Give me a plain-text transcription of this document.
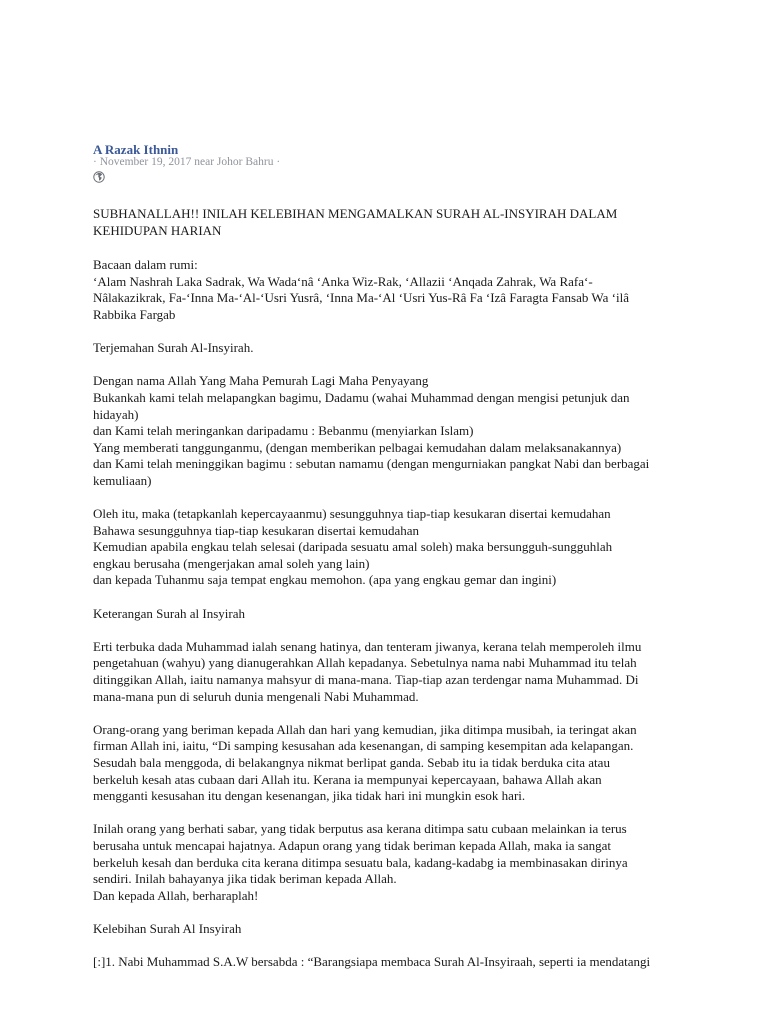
A Razak Ithnin
· November 19, 2017 near Johor Bahru ·

SUBHANALLAH!! INILAH KELEBIHAN MENGAMALKAN SURAH AL-INSYIRAH DALAM
KEHIDUPAN HARIAN

Bacaan dalam rumi:
‘Alam Nashrah Laka Sadrak, Wa Wada‘nâ ‘Anka Wiz-Rak, ‘Allazii ‘Anqada Zahrak, Wa Rafa‘-
Nâlakazikrak, Fa-‘Inna Ma-‘Al-‘Usri Yusrâ, ‘Inna Ma-‘Al ‘Usri Yus-Râ Fa ‘Izâ Faragta Fansab Wa ‘ilâ
Rabbika Fargab

Terjemahan Surah Al-Insyirah.

Dengan nama Allah Yang Maha Pemurah Lagi Maha Penyayang
Bukankah kami telah melapangkan bagimu, Dadamu (wahai Muhammad dengan mengisi petunjuk dan
hidayah)
dan Kami telah meringankan daripadamu : Bebanmu (menyiarkan Islam)
Yang memberati tanggunganmu, (dengan memberikan pelbagai kemudahan dalam melaksanakannya)
dan Kami telah meninggikan bagimu : sebutan namamu (dengan mengurniakan pangkat Nabi dan berbagai
kemuliaan)

Oleh itu, maka (tetapkanlah kepercayaanmu) sesungguhnya tiap-tiap kesukaran disertai kemudahan
Bahawa sesungguhnya tiap-tiap kesukaran disertai kemudahan
Kemudian apabila engkau telah selesai (daripada sesuatu amal soleh) maka bersungguh-sungguhlah
engkau berusaha (mengerjakan amal soleh yang lain)
dan kepada Tuhanmu saja tempat engkau memohon. (apa yang engkau gemar dan ingini)

Keterangan Surah al Insyirah

Erti terbuka dada Muhammad ialah senang hatinya, dan tenteram jiwanya, kerana telah memperoleh ilmu
pengetahuan (wahyu) yang dianugerahkan Allah kepadanya. Sebetulnya nama nabi Muhammad itu telah
ditinggikan Allah, iaitu namanya mahsyur di mana-mana. Tiap-tiap azan terdengar nama Muhammad. Di
mana-mana pun di seluruh dunia mengenali Nabi Muhammad.

Orang-orang yang beriman kepada Allah dan hari yang kemudian, jika ditimpa musibah, ia teringat akan
firman Allah ini, iaitu, “Di samping kesusahan ada kesenangan, di samping kesempitan ada kelapangan.
Sesudah bala menggoda, di belakangnya nikmat berlipat ganda. Sebab itu ia tidak berduka cita atau
berkeluh kesah atas cubaan dari Allah itu. Kerana ia mempunyai kepercayaan, bahawa Allah akan
mengganti kesusahan itu dengan kesenangan, jika tidak hari ini mungkin esok hari.

Inilah orang yang berhati sabar, yang tidak berputus asa kerana ditimpa satu cubaan melainkan ia terus
berusaha untuk mencapai hajatnya. Adapun orang yang tidak beriman kepada Allah, maka ia sangat
berkeluh kesah dan berduka cita kerana ditimpa sesuatu bala, kadang-kadabg ia membinasakan dirinya
sendiri. Inilah bahayanya jika tidak beriman kepada Allah.
Dan kepada Allah, berharaplah!

Kelebihan Surah Al Insyirah

[:]1. Nabi Muhammad S.A.W bersabda : “Barangsiapa membaca Surah Al-Insyiraah, seperti ia mendatangi
